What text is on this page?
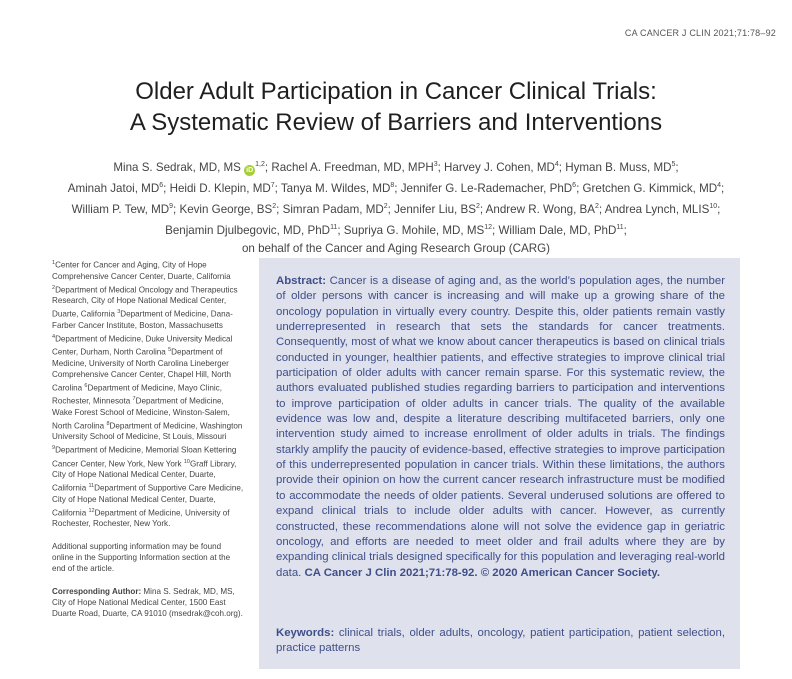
CA CANCER J CLIN 2021;71:78–92
Older Adult Participation in Cancer Clinical Trials:
A Systematic Review of Barriers and Interventions
Mina S. Sedrak, MD, MS iD$^{1,2}$; Rachel A. Freedman, MD, MPH$^3$; Harvey J. Cohen, $MD^4$; Hyman B. Muss, $MD^5$;
Aminah Jatoi, $MD^6$; Heidi D. Klepin, $MD^7$; Tanya M. Wildes, $MD^8$; Jennifer G. Le-Rademacher, PhD$^6$; Gretchen G. Kimmick, $MD^4$;
William P. Tew, $MD^9$; Kevin George, $BS^2$; Simran Padam, $MD^2$; Jennifer Liu, $BS^2$; Andrew R. Wong, $BA^2$; Andrea Lynch, MLIS$^{10}$;
Benjamin Djulbegovic, MD, PhD$^{11}$; Supriya G. Mohile, MD, MS$^{12}$; William Dale, MD, PhD$^{11}$;
on behalf of the Cancer and Aging Research Group (CARG)

$^1$Center for Cancer and Aging, City of Hope Comprehensive Cancer Center, Duarte, California $^2$Department of Medical Oncology and Therapeutics Research, City of Hope National Medical Center, Duarte, California $^3$Department of Medicine, Dana-Farber Cancer Institute, Boston, Massachusetts $^4$Department of Medicine, Duke University Medical Center, Durham, North Carolina $^5$Department of Medicine, University of North Carolina Lineberger Comprehensive Cancer Center, Chapel Hill, North Carolina $^6$Department of Medicine, Mayo Clinic, Rochester, Minnesota $^7$Department of Medicine, Wake Forest School of Medicine, Winston-Salem, North Carolina $^8$Department of Medicine, Washington University School of Medicine, St Louis, Missouri $^9$Department of Medicine, Memorial Sloan Kettering Cancer Center, New York, New York $^{10}$Graff Library, City of Hope National Medical Center, Duarte, California $^{11}$Department of Supportive Care Medicine, City of Hope National Medical Center, Duarte, California $^{12}$Department of Medicine, University of Rochester, Rochester, New York.

Additional supporting information may be found online in the Supporting Information section at the end of the article.

Corresponding Author: Mina S. Sedrak, MD, MS, City of Hope National Medical Center, 1500 East Duarte Road, Duarte, CA 91010 (msedrak@coh.org).

Abstract: Cancer is a disease of aging and, as the world’s population ages, the number of older persons with cancer is increasing and will make up a growing share of the oncology population in virtually every country. Despite this, older patients remain vastly underrepresented in research that sets the standards for cancer treatments. Consequently, most of what we know about cancer therapeutics is based on clinical trials conducted in younger, healthier patients, and effective strategies to improve clinical trial participation of older adults with cancer remain sparse. For this systematic review, the authors evaluated published studies regarding barriers to participation and interventions to improve participation of older adults in cancer trials. The quality of the available evidence was low and, despite a literature describing multifaceted barriers, only one intervention study aimed to increase enrollment of older adults in trials. The findings starkly amplify the paucity of evidence-based, effective strategies to improve participation of this underrepresented population in cancer trials. Within these limitations, the authors provide their opinion on how the current cancer research infrastructure must be modified to accommodate the needs of older patients. Several underused solutions are offered to expand clinical trials to include older adults with cancer. However, as currently constructed, these recommendations alone will not solve the evidence gap in geriatric oncology, and efforts are needed to meet older and frail adults where they are by expanding clinical trials designed specifically for this population and leveraging real-world data. CA Cancer J Clin 2021;71:78-92. © 2020 American Cancer Society.
Keywords: clinical trials, older adults, oncology, patient participation, patient selection, practice patterns
